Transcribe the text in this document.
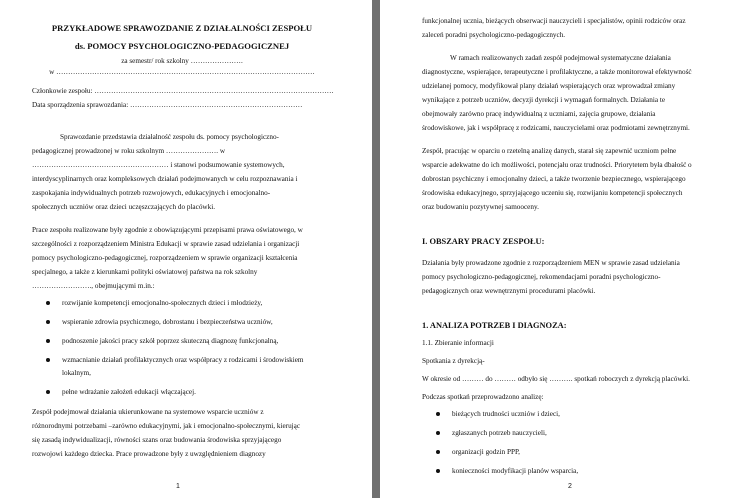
PRZYKŁADOWE SPRAWOZDANIE Z DZIAŁALNOŚCI ZESPOŁU

ds. POMOCY PSYCHOLOGICZNO-PEDAGOGICZNEJ

za semestr/ rok szkolny ………………….

w ………………………………………………………………………………………………

Członkowie zespołu: ……………………………………………………………………………………….

Data sporządzenia sprawozdania: ………………………………………………………………

Sprawozdanie przedstawia działalność zespołu ds. pomocy psychologiczno-

pedagogicznej prowadzonej w roku szkolnym …………………. w

………………………………………………… i stanowi podsumowanie systemowych,

interdyscyplinarnych oraz kompleksowych działań podejmowanych w celu rozpoznawania i

zaspokajania indywidualnych potrzeb rozwojowych, edukacyjnych i emocjonalno-

społecznych uczniów oraz dzieci uczęszczających do placówki.

Prace zespołu realizowane były zgodnie z obowiązującymi przepisami prawa oświatowego, w

szczególności z rozporządzeniem Ministra Edukacji w sprawie zasad udzielania i organizacji

pomocy psychologiczno-pedagogicznej, rozporządzeniem w sprawie organizacji kształcenia

specjalnego, a także z kierunkami polityki oświatowej państwa na rok szkolny

……………………., obejmującymi m.in.:

rozwijanie kompetencji emocjonalno-społecznych dzieci i młodzieży,
wspieranie zdrowia psychicznego, dobrostanu i bezpieczeństwa uczniów,
podnoszenie jakości pracy szkół poprzez skuteczną diagnozę funkcjonalną,
wzmacnianie działań profilaktycznych oraz współpracy z rodzicami i środowiskiem lokalnym,
pełne wdrażanie założeń edukacji włączającej.

Zespół podejmował działania ukierunkowane na systemowe wsparcie uczniów z

różnorodnymi potrzebami –zarówno edukacyjnymi, jak i emocjonalno-społecznymi, kierując

się zasadą indywidualizacji, równości szans oraz budowania środowiska sprzyjającego

rozwojowi każdego dziecka. Prace prowadzone były z uwzględnieniem diagnozy

1

funkcjonalnej ucznia, bieżących obserwacji nauczycieli i specjalistów, opinii rodziców oraz

zaleceń poradni psychologiczno-pedagogicznych.

W ramach realizowanych zadań zespół podejmował systematyczne działania

diagnostyczne, wspierające, terapeutyczne i profilaktyczne, a także monitorował efektywność

udzielanej pomocy, modyfikował plany działań wspierających oraz wprowadzał zmiany

wynikające z potrzeb uczniów, decyzji dyrekcji i wymagań formalnych. Działania te

obejmowały zarówno pracę indywidualną z uczniami, zajęcia grupowe, działania

środowiskowe, jak i współpracę z rodzicami, nauczycielami oraz podmiotami zewnętrznymi.

Zespół, pracując w oparciu o rzetelną analizę danych, starał się zapewnić uczniom pełne

wsparcie adekwatne do ich możliwości, potencjału oraz trudności. Priorytetem była dbałość o

dobrostan psychiczny i emocjonalny dzieci, a także tworzenie bezpiecznego, wspierającego

środowiska edukacyjnego, sprzyjającego uczeniu się, rozwijaniu kompetencji społecznych

oraz budowaniu pozytywnej samooceny.

I. OBSZARY PRACY ZESPOŁU:

Działania były prowadzone zgodnie z rozporządzeniem MEN w sprawie zasad udzielania

pomocy psychologiczno-pedagogicznej, rekomendacjami poradni psychologiczno-

pedagogicznych oraz wewnętrznymi procedurami placówki.

1. ANALIZA POTRZEB I DIAGNOZA:

1.1. Zbieranie informacji

Spotkania z dyrekcją-

W okresie od ……… do ……… odbyło się ………. spotkań roboczych z dyrekcją placówki.

Podczas spotkań przeprowadzono analizę:

bieżących trudności uczniów i dzieci,
zgłaszanych potrzeb nauczycieli,
organizacji godzin PPP,
konieczności modyfikacji planów wsparcia,
2
